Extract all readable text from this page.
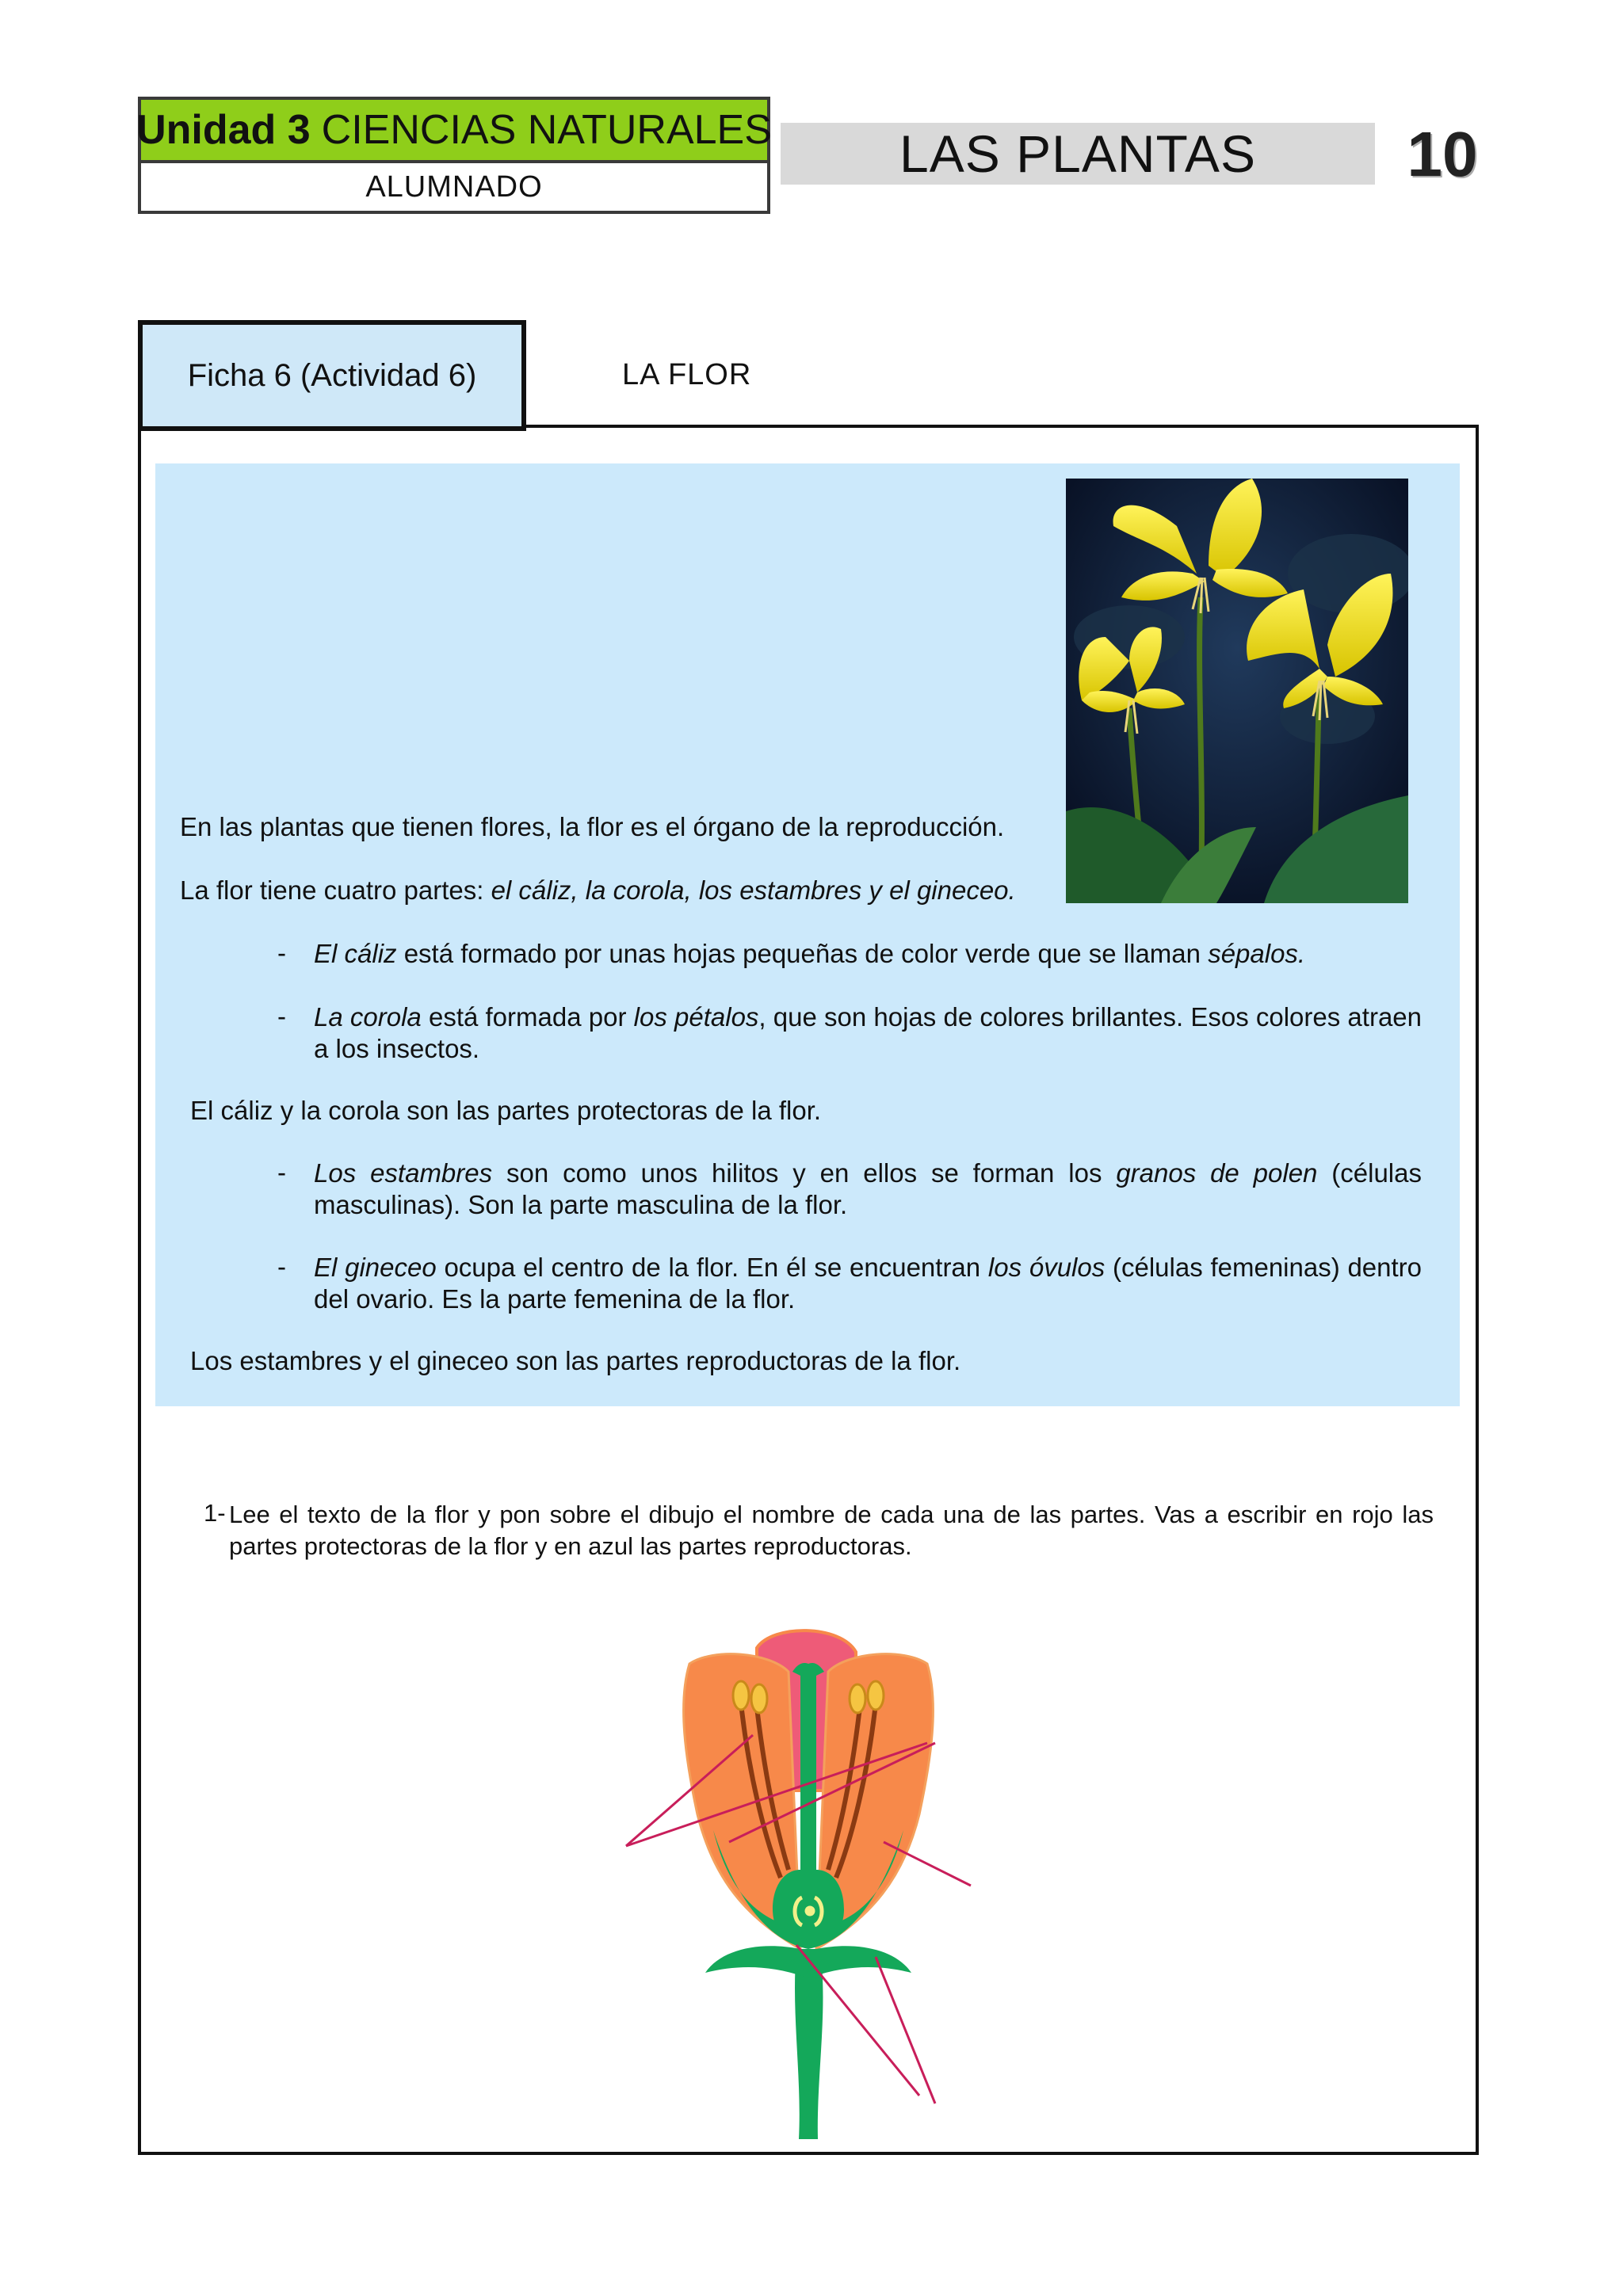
Unidad 3 CIENCIAS NATURALES
ALUMNADO
LAS PLANTAS	10
Ficha 6 (Actividad 6)	LA FLOR
En las plantas que tienen flores, la flor es el órgano de la reproducción.
La flor tiene cuatro partes: el cáliz, la corola, los estambres y el gineceo.
- El cáliz está formado por unas hojas pequeñas de color verde que se llaman sépalos.
- La corola está formada por los pétalos, que son hojas de colores brillantes. Esos colores atraen a los insectos.
El cáliz y la corola son las partes protectoras de la flor.
- Los estambres son como unos hilitos y en ellos se forman los granos de polen (células masculinas). Son la parte masculina de la flor.
- El gineceo ocupa el centro de la flor. En él se encuentran los óvulos (células femeninas) dentro del ovario. Es la parte femenina de la flor.
Los estambres y el gineceo son las partes reproductoras de la flor.
1- Lee el texto de la flor y pon sobre el dibujo el nombre de cada una de las partes. Vas a escribir en rojo las partes protectoras de la flor y en azul las partes reproductoras.
